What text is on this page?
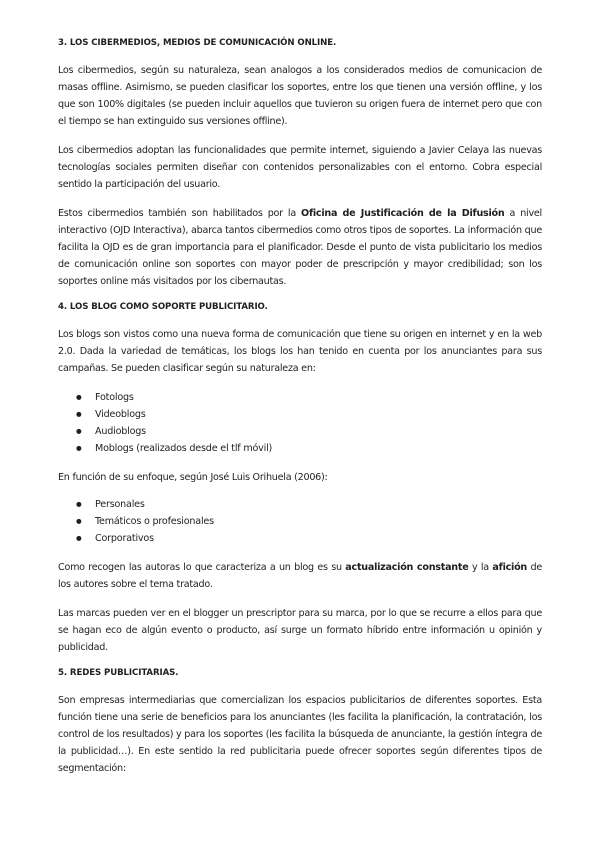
3. LOS CIBERMEDIOS, MEDIOS DE COMUNICACIÓN ONLINE.

Los cibermedios, según su naturaleza, sean analogos a los considerados medios de comunicacion de masas offline. Asimismo, se pueden clasificar los soportes, entre los que tienen una versión offline, y los que son 100% digitales (se pueden incluir aquellos que tuvieron su origen fuera de internet pero que con el tiempo se han extinguido sus versiones offline).

Los cibermedios adoptan las funcionalidades que permite internet, siguiendo a Javier Celaya las nuevas tecnologías sociales permiten diseñar con contenidos personalizables con el entorno. Cobra especial sentido la participación del usuario.

Estos cibermedios también son habilitados por la Oficina de Justificación de la Difusión a nivel interactivo (OJD Interactiva), abarca tantos cibermedios como otros tipos de soportes. La información que facilita la OJD es de gran importancia para el planificador. Desde el punto de vista publicitario los medios de comunicación online son soportes con mayor poder de prescripción y mayor credibilidad; son los soportes online más visitados por los cibernautas.

4. LOS BLOG COMO SOPORTE PUBLICITARIO.

Los blogs son vistos como una nueva forma de comunicación que tiene su origen en internet y en la web 2.0. Dada la variedad de temáticas, los blogs los han tenido en cuenta por los anunciantes para sus campañas. Se pueden clasificar según su naturaleza en:

● Fotologs
● Videoblogs
● Audioblogs
● Moblogs (realizados desde el tlf móvil)

En función de su enfoque, según José Luis Orihuela (2006):

● Personales
● Temáticos o profesionales
● Corporativos

Como recogen las autoras lo que caracteriza a un blog es su actualización constante y la afición de los autores sobre el tema tratado.

Las marcas pueden ver en el blogger un prescriptor para su marca, por lo que se recurre a ellos para que se hagan eco de algún evento o producto, así surge un formato híbrido entre información u opinión y publicidad.

5. REDES PUBLICITARIAS.

Son empresas intermediarias que comercializan los espacios publicitarios de diferentes soportes. Esta función tiene una serie de beneficios para los anunciantes (les facilita la planificación, la contratación, los control de los resultados) y para los soportes (les facilita la búsqueda de anunciante, la gestión íntegra de la publicidad…). En este sentido la red publicitaria puede ofrecer soportes según diferentes tipos de segmentación:
